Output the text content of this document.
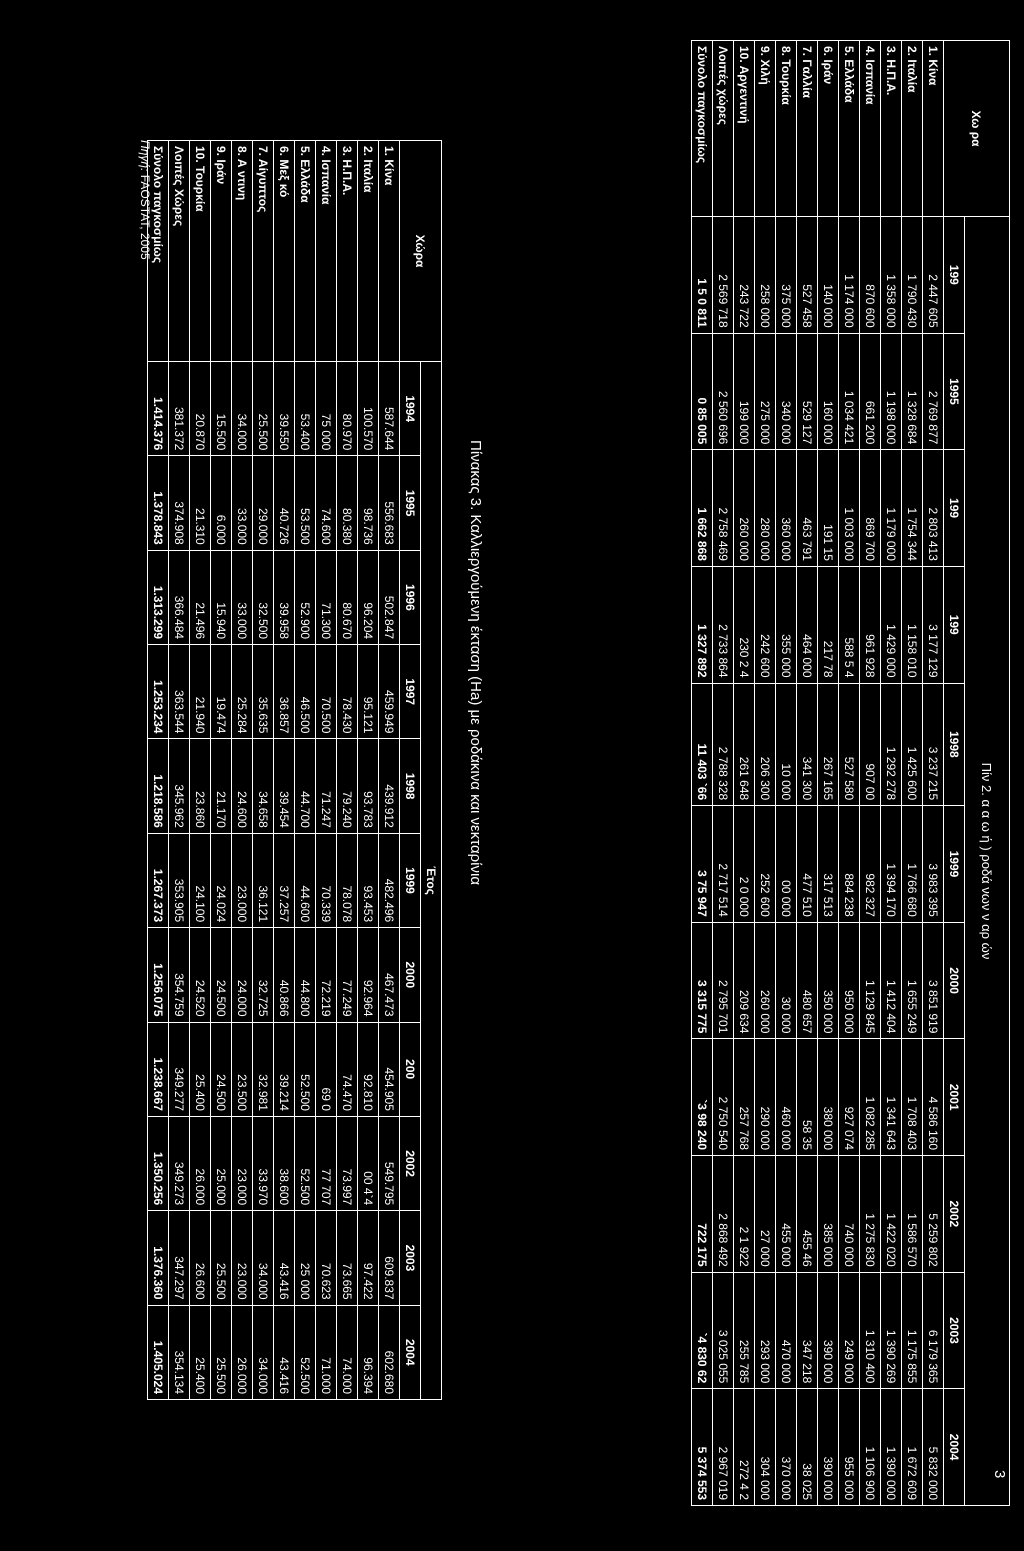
Χω ρα	Πίν 2. α α ω ή ) ροδά νων ν αρ ών										
	199	1995	199	199	1998	1999	2000	2001	2002	2003	2004
1. Κίνα	2 447 605	2 769 877	2 803 413	3 177 129	3 237 215	3 983 395	3 851 919	4 586 160	5 259 802	6 179 365	5 832 000
2. Ιταλία	1 790 430	1 328 684	1 754 344	1 158 010	1 425 600	1 766 680	1 655 249	1 708 403	1 586 570	1 175 855	1 672 609
3. Η.Π.Α.	1 358 000	1 198 000	1 179 000	1 429 000	1 292 278	1 394 170	1 412 404	1 341 643	1 422 020	1 390 269	1 390 000
4. Ισπανία	870 600	661 200	869 700	961 928	907 00	982 327	1 129 845	1 082 285	1 275 830	1 310 400	1 106 900
5. Ελλάδα	1 174 000	1 034 421	1 003 000	588 5 4	527 580	884 238	950 000	927 074	740 000	249 000	955 000
6. Ιράν	140 000	160 000	191 15	217 78	267 165	317 513	350 000	380 000	385 000	390 000	390 000
7. Γαλλία	527 458	529 127	463 791	464 000	341 300	477 510	480 657	58 35	455 46	347 218	38 025
8. Τουρκία	375 000	340 000	360 000	355 000	10 000	00 000	30 000	460 000	455 000	470 000	370 000
9. Χιλή	258 000	275 000	280 000	242 600	206 300	252 600	260 000	290 000	27 000	293 000	304 000
10. Αργεντινή	243 722	199 000	260 000	230 2 4	261 648	2 0 000	209 634	257 768	2 1 922	255 785	272 4 2
Λοιπές χώρες	2 569 718	2 560 696	2 758 469	2 733 864	2 788 328	2 717 514	2 795 701	2 750 540	2 868 492	3 025 055	2 967 019
Σύνολο παγκοσμίως	1 5 0 811	0 85 005	1 662 868	1 327 892	11 403 `66	3 75 947	3 315 775	`3 98 240	722 175	`4 830 62	5 374 553
Πίνακας 3. Καλλιεργούμενη έκταση (Ha) με ροδάκινα και νεκταρίνια
Χώρα	Έτος										
	1994	1995	1996	1997	1998	1999	2000	200	2002	2003	2004
1. Κίνα	587.644	556.683	502.847	459.949	439.912	482.496	467.473	454.905	549.795	609.837	602.680
2. Ιταλία	100.570	98.736	96.204	95.121	93.783	93.453	92.964	92.810	00 4`4	97.422	96.394
3. Η.Π.Α.	80.970	80.380	80.670	78.430	79.240	78.078	77.249	74.470	73.997	73.665	74.000
4. Ισπανία	75 000	74.600	71.300	70.500	71.247	70.339	72.219	69 0	77 707	70.623	71.000
5. Ελλάδα	53.400	53.500	52.900	46.500	44.700	44.600	44.800	52.500	52.500	25 000	52.500
6. Μεξ κό	39.550	40.726	39.958	36.857	39.454	37.257	40.866	39.214	38.600	43.416	43.416
7. Αίγυπτος	25.500	29.000	32.500	35.635	34.658	36.121	32.725	32.981	33.970	34.000	34.000
8. Α ντινη	34.000	33.000	33.000	25.284	24.600	23.000	24.000	23.500	23.000	23.000	26.000
9. Ιράν	15.500	6.000	15.940	19.474	21.170	24.024	24.500	24.500	25.000	25.500	25.500
10. Τουρκία	20.870	21.310	21.496	21.940	23.860	24.100	24.520	25.400	26.000	26.600	25.400
Λοιπές Χώρες	381.372	374.908	366.484	363.544	345.962	353.905	354.759	349.277	349.273	347.297	354.134
Σύνολο παγκοσμίως	1.414.376	1.378.843	1.313.299	1.253.234	1.218.586	1.267.373	1.256.075	1.238.667	1.350.256	1.376.360	1.405.024
Πηγή: FAOSTAT, 2005
3
